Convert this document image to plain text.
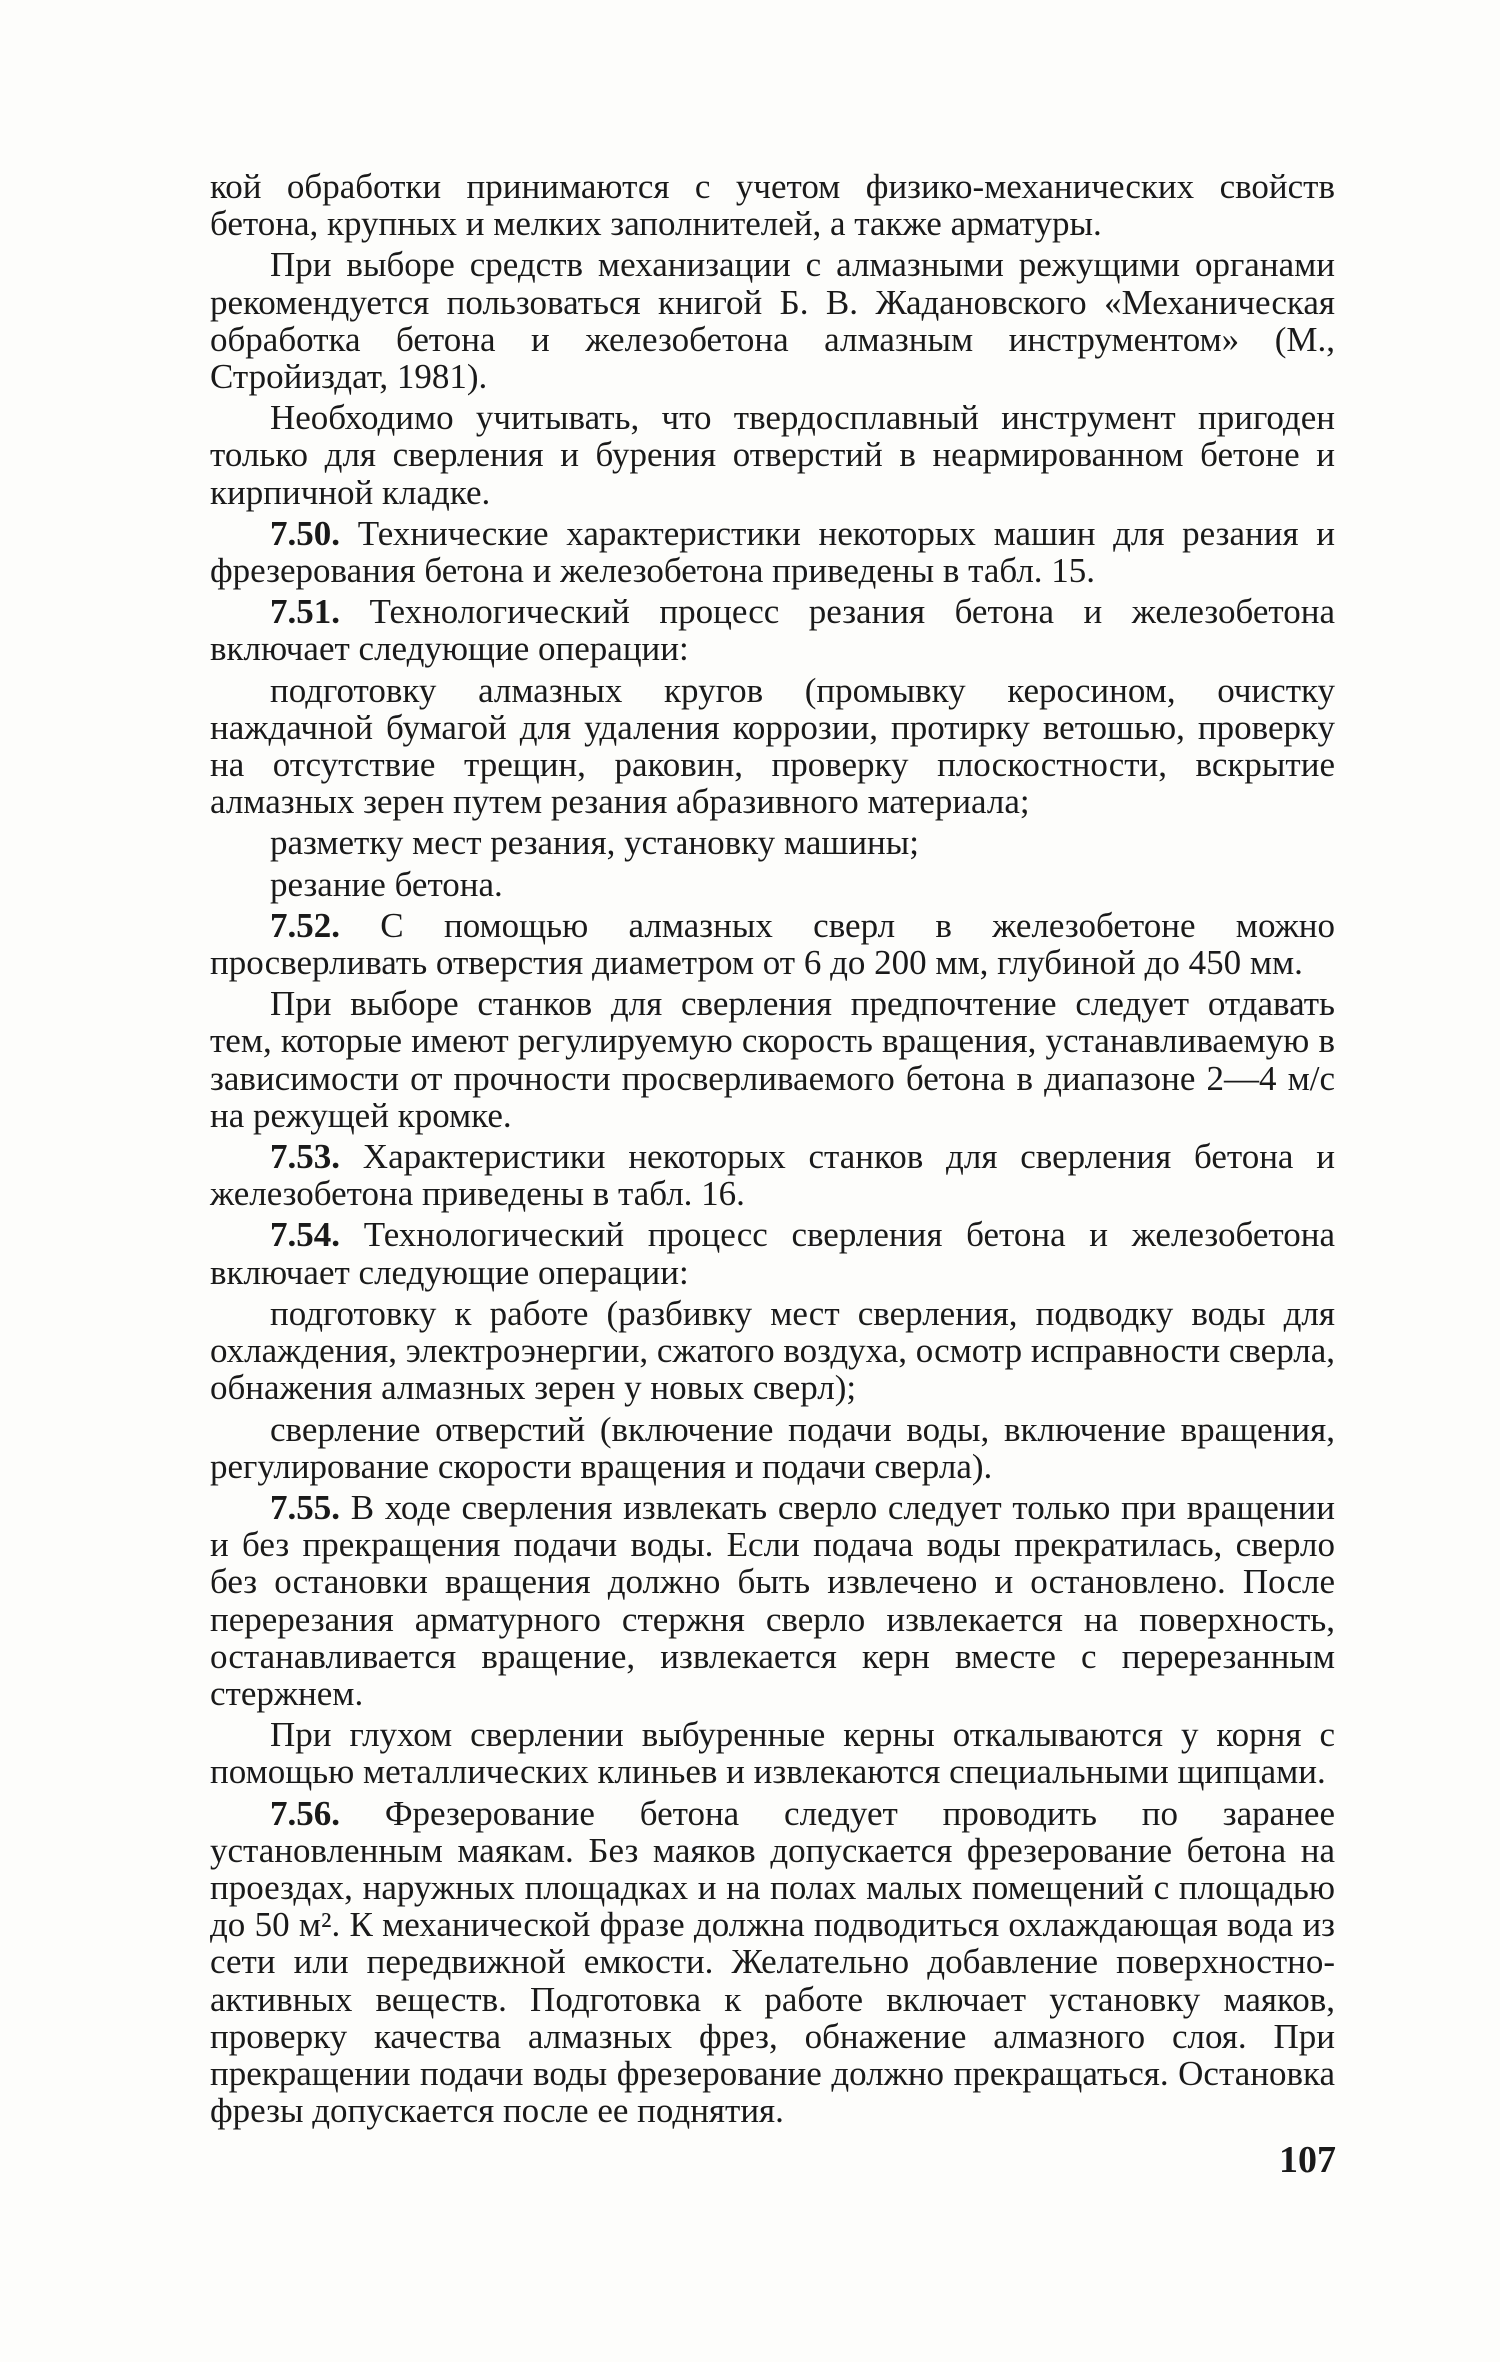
кой обработки принимаются с учетом физико-механических свойств бетона, крупных и мелких заполнителей, а также арматуры.

При выборе средств механизации с алмазными режущими органами рекомендуется пользоваться книгой Б. В. Жадановского «Механическая обработка бетона и железобетона алмазным инструментом» (М., Стройиздат, 1981).

Необходимо учитывать, что твердосплавный инструмент пригоден только для сверления и бурения отверстий в неармированном бетоне и кирпичной кладке.

7.50. Технические характеристики некоторых машин для резания и фрезерования бетона и железобетона приведены в табл. 15.

7.51. Технологический процесс резания бетона и железобетона включает следующие операции:

подготовку алмазных кругов (промывку керосином, очистку наждачной бумагой для удаления коррозии, протирку ветошью, проверку на отсутствие трещин, раковин, проверку плоскостности, вскрытие алмазных зерен путем резания абразивного материала;

разметку мест резания, установку машины;

резание бетона.

7.52. С помощью алмазных сверл в железобетоне можно просверливать отверстия диаметром от 6 до 200 мм, глубиной до 450 мм.

При выборе станков для сверления предпочтение следует отдавать тем, которые имеют регулируемую скорость вращения, устанавливаемую в зависимости от прочности просверливаемого бетона в диапазоне 2—4 м/с на режущей кромке.

7.53. Характеристики некоторых станков для сверления бетона и железобетона приведены в табл. 16.

7.54. Технологический процесс сверления бетона и железобетона включает следующие операции:

подготовку к работе (разбивку мест сверления, подводку воды для охлаждения, электроэнергии, сжатого воздуха, осмотр исправности сверла, обнажения алмазных зерен у новых сверл);

сверление отверстий (включение подачи воды, включение вращения, регулирование скорости вращения и подачи сверла).

7.55. В ходе сверления извлекать сверло следует только при вращении и без прекращения подачи воды. Если подача воды прекратилась, сверло без остановки вращения должно быть извлечено и остановлено. После перерезания арматурного стержня сверло извлекается на поверхность, останавливается вращение, извлекается керн вместе с перерезанным стержнем.

При глухом сверлении выбуренные керны откалываются у корня с помощью металлических клиньев и извлекаются специальными щипцами.

7.56. Фрезерование бетона следует проводить по заранее установленным маякам. Без маяков допускается фрезерование бетона на проездах, наружных площадках и на полах малых помещений с площадью до 50 м². К механической фразе должна подводиться охлаждающая вода из сети или передвижной емкости. Желательно добавление поверхностно-активных веществ. Подготовка к работе включает установку маяков, проверку качества алмазных фрез, обнажение алмазного слоя. При прекращении подачи воды фрезерование должно прекращаться. Остановка фрезы допускается после ее поднятия.

107
